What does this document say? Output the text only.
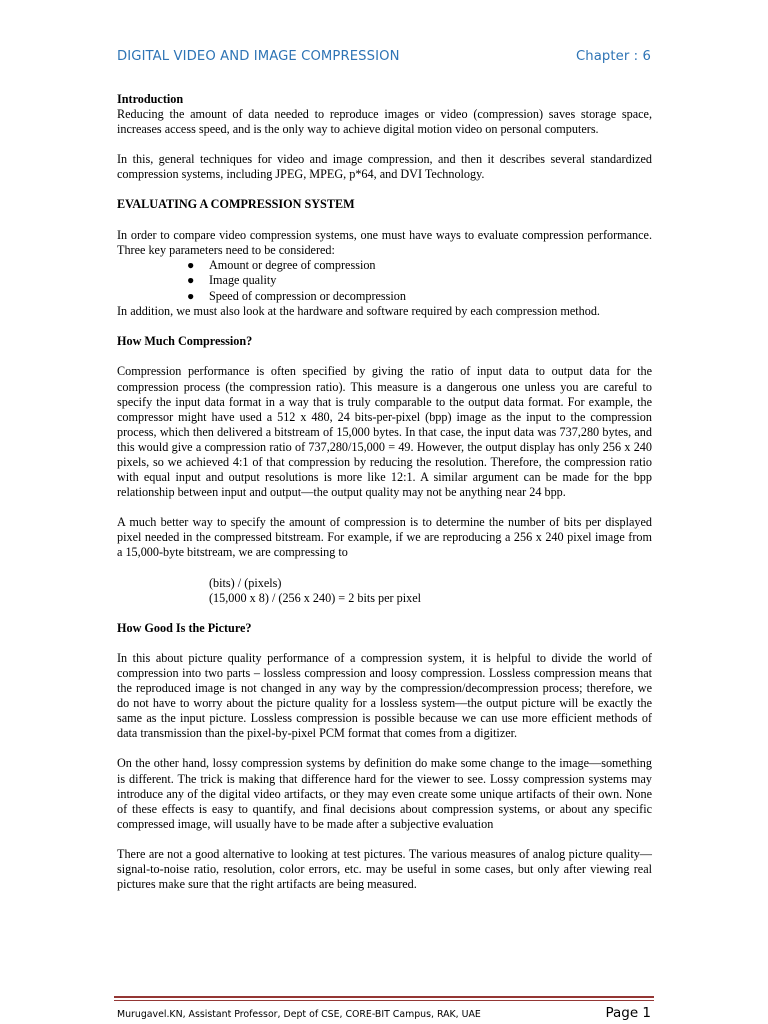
DIGITAL VIDEO AND IMAGE COMPRESSION	Chapter : 6
Introduction

Reducing the amount of data needed to reproduce images or video (compression) saves storage space, increases access speed, and is the only way to achieve digital motion video on personal computers.

In this, general techniques for video and image compression, and then it describes several standardized compression systems, including JPEG, MPEG, p*64, and DVI Technology.

EVALUATING A COMPRESSION SYSTEM

In order to compare video compression systems, one must have ways to evaluate compression performance. Three key parameters need to be considered:

● Amount or degree of compression
● Image quality
● Speed of compression or decompression

In addition, we must also look at the hardware and software required by each compression method.

How Much Compression?

Compression performance is often specified by giving the ratio of input data to output data for the compression process (the compression ratio). This measure is a dangerous one unless you are careful to specify the input data format in a way that is truly comparable to the output data format. For example, the compressor might have used a 512 x 480, 24 bits-per-pixel (bpp) image as the input to the compression process, which then delivered a bitstream of 15,000 bytes. In that case, the input data was 737,280 bytes, and this would give a compression ratio of 737,280/15,000 = 49. However, the output display has only 256 x 240 pixels, so we achieved 4:1 of that compression by reducing the resolution. Therefore, the compression ratio with equal input and output resolutions is more like 12:1. A similar argument can be made for the bpp relationship between input and output—the output quality may not be anything near 24 bpp.

A much better way to specify the amount of compression is to determine the number of bits per displayed pixel needed in the compressed bitstream. For example, if we are reproducing a 256 x 240 pixel image from a 15,000-byte bitstream, we are compressing to

(bits) / (pixels)
(15,000 x 8) / (256 x 240) = 2 bits per pixel
How Good Is the Picture?

In this about picture quality performance of a compression system, it is helpful to divide the world of compression into two parts – lossless compression and loosy compression. Lossless compression means that the reproduced image is not changed in any way by the compression/decompression process; therefore, we do not have to worry about the picture quality for a lossless system—the output picture will be exactly the same as the input picture. Lossless compression is possible because we can use more efficient methods of data transmission than the pixel-by-pixel PCM format that comes from a digitizer.

On the other hand, lossy compression systems by definition do make some change to the image—something is different. The trick is making that difference hard for the viewer to see. Lossy compression systems may introduce any of the digital video artifacts, or they may even create some unique artifacts of their own. None of these effects is easy to quantify, and final decisions about compression systems, or about any specific compressed image, will usually have to be made after a subjective evaluation

There are not a good alternative to looking at test pictures. The various measures of analog picture quality—signal-to-noise ratio, resolution, color errors, etc. may be useful in some cases, but only after viewing real pictures make sure that the right artifacts are being measured.

Murugavel.KN, Assistant Professor, Dept of CSE, CORE-BIT Campus, RAK, UAE	Page 1
